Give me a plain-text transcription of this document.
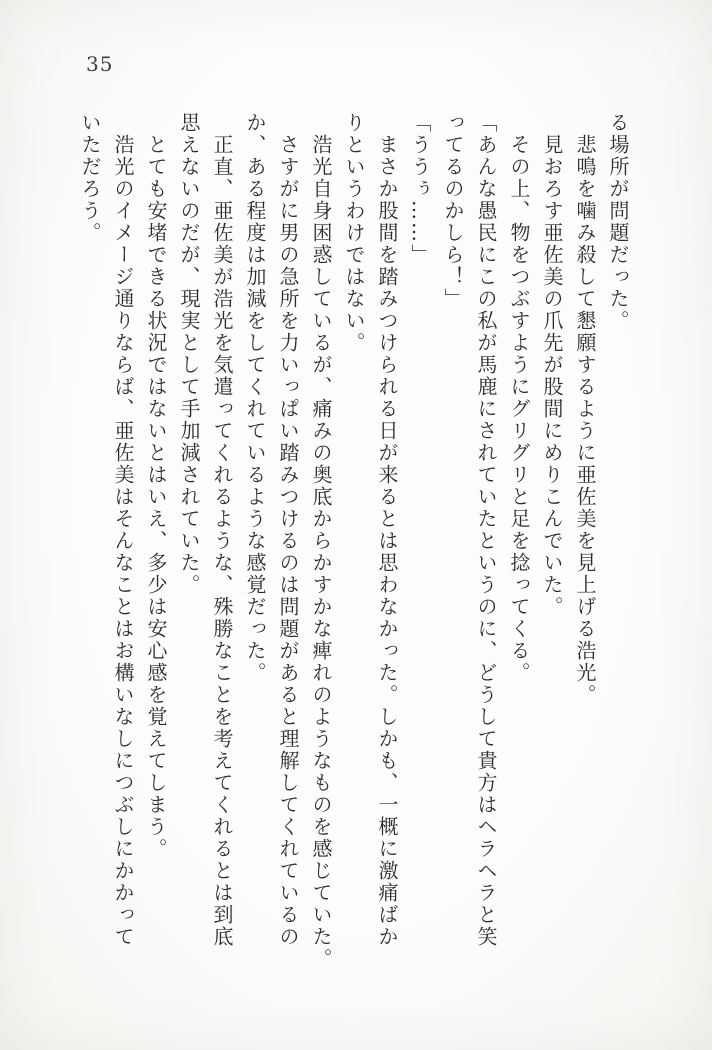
35

る場所が問題だった。

悲鳴を噛み殺して懇願するように亜佐美を見上げる浩光。

見おろす亜佐美の爪先が股間にめりこんでいた。

その上、物をつぶすようにグリグリと足を捻ってくる。

「あんな愚民にこの私が馬鹿にされていたというのに、どうして貴方はヘラヘラと笑

ってるのかしら！」

「ううぅ……」

まさか股間を踏みつけられる日が来るとは思わなかった。しかも、一概に激痛ばか

りというわけではない。

浩光自身困惑しているが、痛みの奥底からかすかな痺れのようなものを感じていた。

さすがに男の急所を力いっぱい踏みつけるのは問題があると理解してくれているの

か、ある程度は加減をしてくれているような感覚だった。

正直、亜佐美が浩光を気遣ってくれるような、殊勝なことを考えてくれるとは到底

思えないのだが、現実として手加減されていた。

とても安堵できる状況ではないとはいえ、多少は安心感を覚えてしまう。

浩光のイメージ通りならば、亜佐美はそんなことはお構いなしにつぶしにかかって

いただろう。
